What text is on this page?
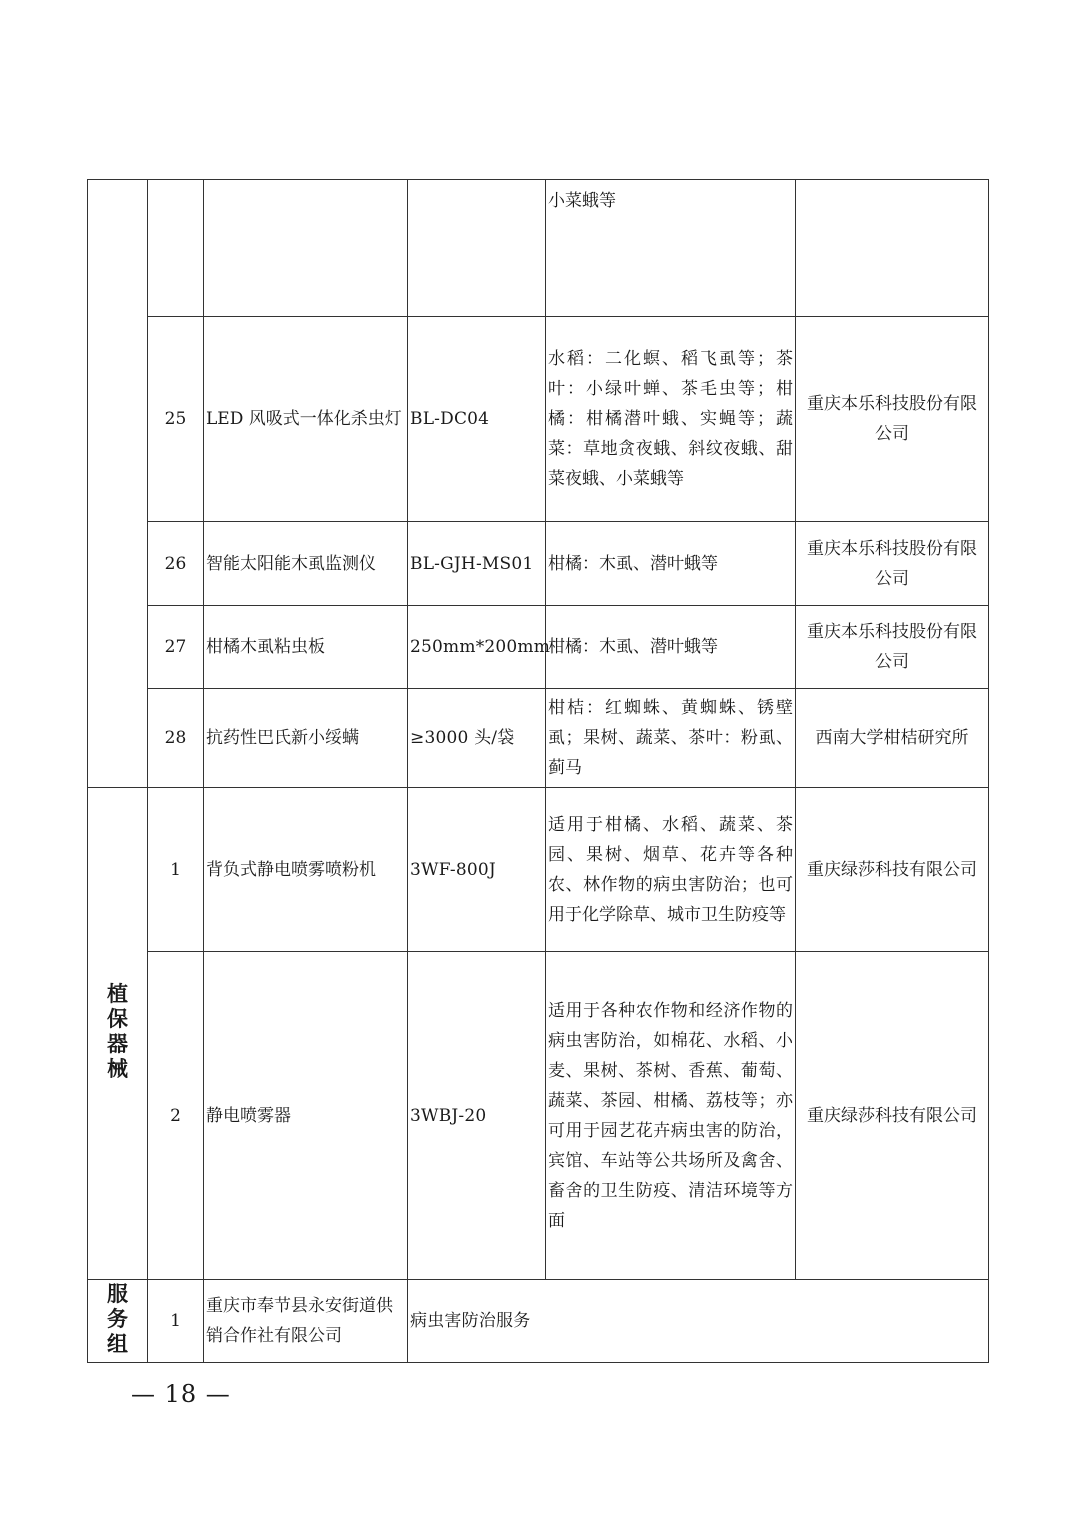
				小菜蛾等	
	25	LED 风吸式一体化杀虫灯	BL-DC04	水稻：二化螟、稻飞虱等；茶叶：小绿叶蝉、茶毛虫等；柑橘：柑橘潜叶蛾、实蝇等；蔬菜：草地贪夜蛾、斜纹夜蛾、甜菜夜蛾、小菜蛾等	重庆本乐科技股份有限公司
	26	智能太阳能木虱监测仪	BL-GJH-MS01	柑橘：木虱、潜叶蛾等	重庆本乐科技股份有限公司
	27	柑橘木虱粘虫板	250mm*200mm	柑橘：木虱、潜叶蛾等	重庆本乐科技股份有限公司
	28	抗药性巴氏新小绥螨	≥3000 头/袋	柑桔：红蜘蛛、黄蜘蛛、锈壁虱；果树、蔬菜、茶叶：粉虱、蓟马	西南大学柑桔研究所
植保器械	1	背负式静电喷雾喷粉机	3WF-800J	适用于柑橘、水稻、蔬菜、茶园、果树、烟草、花卉等各种农、林作物的病虫害防治；也可用于化学除草、城市卫生防疫等	重庆绿莎科技有限公司
	2	静电喷雾器	3WBJ-20	适用于各种农作物和经济作物的病虫害防治，如棉花、水稻、小麦、果树、茶树、香蕉、葡萄、蔬菜、茶园、柑橘、荔枝等；亦可用于园艺花卉病虫害的防治，宾馆、车站等公共场所及禽舍、畜舍的卫生防疫、清洁环境等方面	重庆绿莎科技有限公司
服务组	1	重庆市奉节县永安街道供销合作社有限公司	病虫害防治服务		
— 18 —
